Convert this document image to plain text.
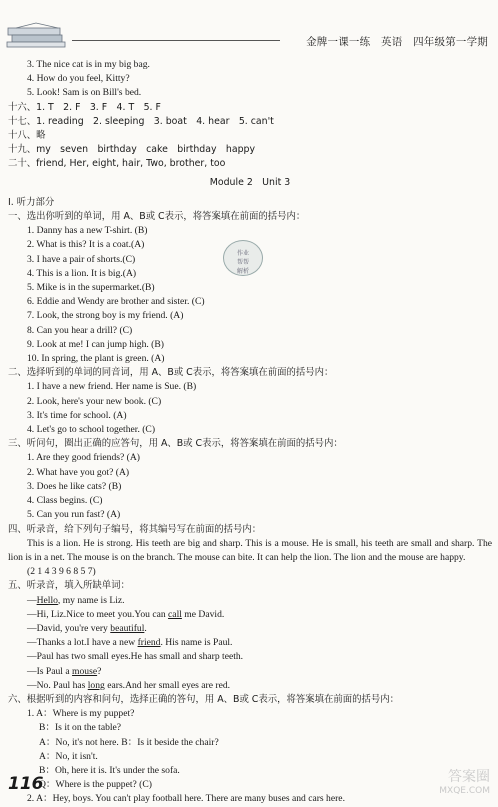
金牌一课一练　英语　四年级第一学期
3. The nice cat is in my big bag.
4. How do you feel, Kitty?
5. Look! Sam is on Bill's bed.
十六、1. T　2. F　3. F　4. T　5. F
十七、1. reading　2. sleeping　3. boat　4. hear　5. can't
十八、略
十九、my　seven　birthday　cake　birthday　happy
二十、friend, Her, eight, hair, Two, brother, too
Module 2　Unit 3
Ⅰ. 听力部分
一、选出你听到的单词，用 A、B或 C表示，将答案填在前面的括号内：
1. Danny has a new T-shirt. (B)
2. What is this? It is a coat.(A)
3. I have a pair of shorts.(C)
4. This is a lion. It is big.(A)
5. Mike is in the supermarket.(B)
6. Eddie and Wendy are brother and sister. (C)
7. Look, the strong boy is my friend. (A)
8. Can you hear a drill? (C)
9. Look at me! I can jump high. (B)
10. In spring, the plant is green. (A)
二、选择听到的单词的同音词，用 A、B或 C表示，将答案填在前面的括号内：
1. I have a new friend. Her name is Sue. (B)
2. Look, here's your new book. (C)
3. It's time for school. (A)
4. Let's go to school together. (C)
三、听问句，圈出正确的应答句，用 A、B或 C表示，将答案填在前面的括号内：
1. Are they good friends? (A)
2. What have you got? (A)
3. Does he like cats? (B)
4. Class begins. (C)
5. Can you run fast? (A)
四、听录音，给下列句子编号，将其编号写在前面的括号内：
This is a lion. He is strong. His teeth are big and sharp. This is a mouse. He is small, his teeth are small and sharp. The lion is in a net. The mouse is on the branch. The mouse can bite. It can help the lion. The lion and the mouse are happy.
(2 1 4 3 9 6 8 5 7)
五、听录音，填入所缺单词：
—Hello, my name is Liz.
—Hi, Liz.Nice to meet you.You can call me David.
—David, you're very beautiful.
—Thanks a lot.I have a new friend. His name is Paul.
—Paul has two small eyes.He has small and sharp teeth.
—Is Paul a mouse?
—No. Paul has long ears.And her small eyes are red.
六、根据听到的内容和问句，选择正确的答句，用 A、B或 C表示，将答案填在前面的括号内：
1. A：Where is my puppet?
B：Is it on the table?
A：No, it's not here. B：Is it beside the chair?
A：No, it isn't.
B：Oh, here it is. It's under the sofa.
Q：Where is the puppet? (C)
2. A：Hey, boys. You can't play football here. There are many buses and cars here.
作业
帮帮
解析
116	答案圈
MXQE.COM
